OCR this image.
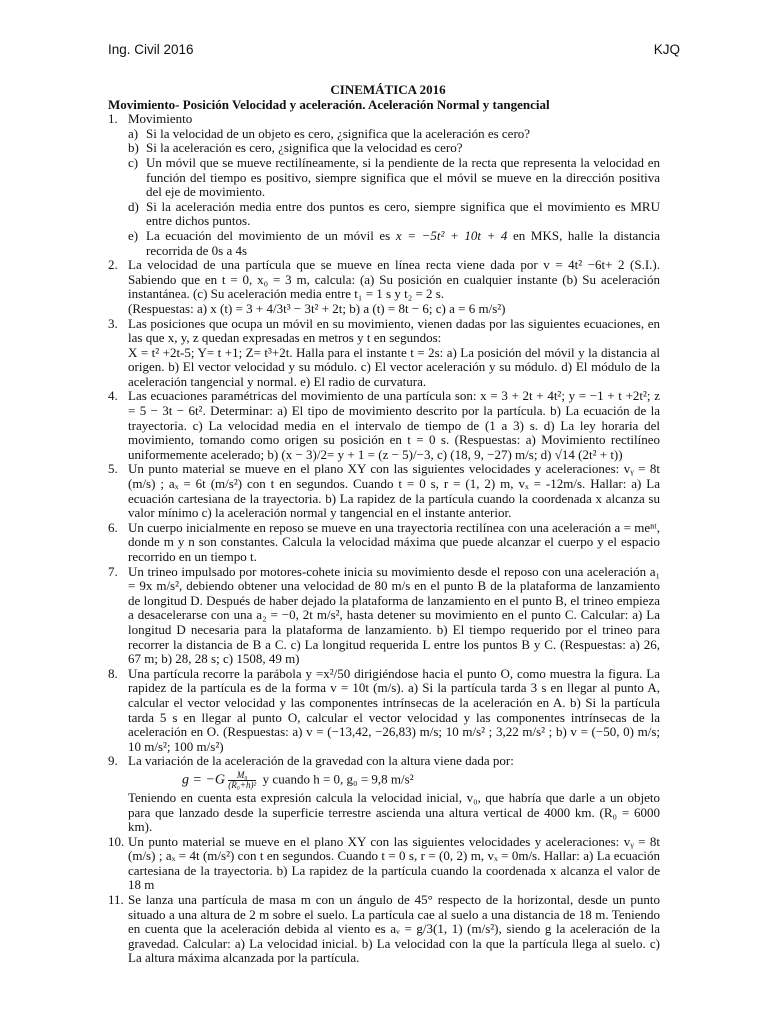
Ing. Civil 2016	KJQ
CINEMÁTICA 2016
Movimiento- Posición Velocidad y aceleración. Aceleración Normal y tangencial
1. Movimiento
a) Si la velocidad de un objeto es cero, ¿significa que la aceleración es cero?
b) Si la aceleración es cero, ¿significa que la velocidad es cero?
c) Un móvil que se mueve rectilíneamente, si la pendiente de la recta que representa la velocidad en función del tiempo es positivo, siempre significa que el móvil se mueve en la dirección positiva del eje de movimiento.
d) Si la aceleración media entre dos puntos es cero, siempre significa que el movimiento es MRU entre dichos puntos.
e) La ecuación del movimiento de un móvil es x = −5t² + 10t + 4 en MKS, halle la distancia recorrida de 0s a 4s
2. La velocidad de una partícula que se mueve en línea recta viene dada por v = 4t² −6t+ 2 (S.I.). Sabiendo que en t = 0, x₀ = 3 m, calcula: (a) Su posición en cualquier instante (b) Su aceleración instantánea. (c) Su aceleración media entre t₁ = 1 s y t₂ = 2 s.
(Respuestas: a) x (t) = 3 + 4/3t³ − 3t² + 2t; b) a (t) = 8t − 6; c) a = 6 m/s²)
3. Las posiciones que ocupa un móvil en su movimiento, vienen dadas por las siguientes ecuaciones, en las que x, y, z quedan expresadas en metros y t en segundos:
X = t² +2t-5; Y= t +1; Z= t³+2t. Halla para el instante t = 2s: a) La posición del móvil y la distancia al origen. b) El vector velocidad y su módulo. c) El vector aceleración y su módulo. d) El módulo de la aceleración tangencial y normal. e) El radio de curvatura.
4. Las ecuaciones paramétricas del movimiento de una partícula son: x = 3 + 2t + 4t²; y = −1 + t +2t²; z = 5 − 3t − 6t². Determinar: a) El tipo de movimiento descrito por la partícula. b) La ecuación de la trayectoria. c) La velocidad media en el intervalo de tiempo de (1 a 3) s. d) La ley horaria del movimiento, tomando como origen su posición en t = 0 s. (Respuestas: a) Movimiento rectilíneo uniformemente acelerado; b) (x − 3)/2= y + 1 = (z − 5)/−3, c) (18, 9, −27) m/s; d) √14 (2t² + t))
5. Un punto material se mueve en el plano XY con las siguientes velocidades y aceleraciones: vᵧ = 8t (m/s) ; aₓ = 6t (m/s²) con t en segundos. Cuando t = 0 s, r = (1, 2) m, vₓ = -12m/s. Hallar: a) La ecuación cartesiana de la trayectoria. b) La rapidez de la partícula cuando la coordenada x alcanza su valor mínimo c) la aceleración normal y tangencial en el instante anterior.
6. Un cuerpo inicialmente en reposo se mueve en una trayectoria rectilínea con una aceleración a = meⁿᵗ, donde m y n son constantes. Calcula la velocidad máxima que puede alcanzar el cuerpo y el espacio recorrido en un tiempo t.
7. Un trineo impulsado por motores-cohete inicia su movimiento desde el reposo con una aceleración a₁ = 9x m/s², debiendo obtener una velocidad de 80 m/s en el punto B de la plataforma de lanzamiento de longitud D. Después de haber dejado la plataforma de lanzamiento en el punto B, el trineo empieza a desacelerarse con una a₂ = −0, 2t m/s², hasta detener su movimiento en el punto C. Calcular: a) La longitud D necesaria para la plataforma de lanzamiento. b) El tiempo requerido por el trineo para recorrer la distancia de B a C. c) La longitud requerida L entre los puntos B y C. (Respuestas: a) 26, 67 m; b) 28, 28 s; c) 1508, 49 m)
8. Una partícula recorre la parábola y =x²/50 dirigiéndose hacia el punto O, como muestra la figura. La rapidez de la partícula es de la forma v = 10t (m/s). a) Si la partícula tarda 3 s en llegar al punto A, calcular el vector velocidad y las componentes intrínsecas de la aceleración en A. b) Si la partícula tarda 5 s en llegar al punto O, calcular el vector velocidad y las componentes intrínsecas de la aceleración en O. (Respuestas: a) v = (−13,42, −26,83) m/s; 10 m/s² ; 3,22 m/s² ; b) v = (−50, 0) m/s; 10 m/s²; 100 m/s²)
9. La variación de la aceleración de la gravedad con la altura viene dada por:
$g = -G \frac{\text{M₀}}{\text{(R₀+h)²}}$ y cuando h = 0, g₀ = 9,8 m/s²
Teniendo en cuenta esta expresión calcula la velocidad inicial, v₀, que habría que darle a un objeto para que lanzado desde la superficie terrestre ascienda una altura vertical de 4000 km. (R₀ = 6000 km).
10. Un punto material se mueve en el plano XY con las siguientes velocidades y aceleraciones: vᵧ = 8t (m/s) ; aₓ = 4t (m/s²) con t en segundos. Cuando t = 0 s, r = (0, 2) m, vₓ = 0m/s. Hallar: a) La ecuación cartesiana de la trayectoria. b) La rapidez de la partícula cuando la coordenada x alcanza el valor de 18 m
11. Se lanza una partícula de masa m con un ángulo de 45° respecto de la horizontal, desde un punto situado a una altura de 2 m sobre el suelo. La partícula cae al suelo a una distancia de 18 m. Teniendo en cuenta que la aceleración debida al viento es aᵥ = g/3(1, 1) (m/s²), siendo g la aceleración de la gravedad. Calcular: a) La velocidad inicial. b) La velocidad con la que la partícula llega al suelo. c) La altura máxima alcanzada por la partícula.
